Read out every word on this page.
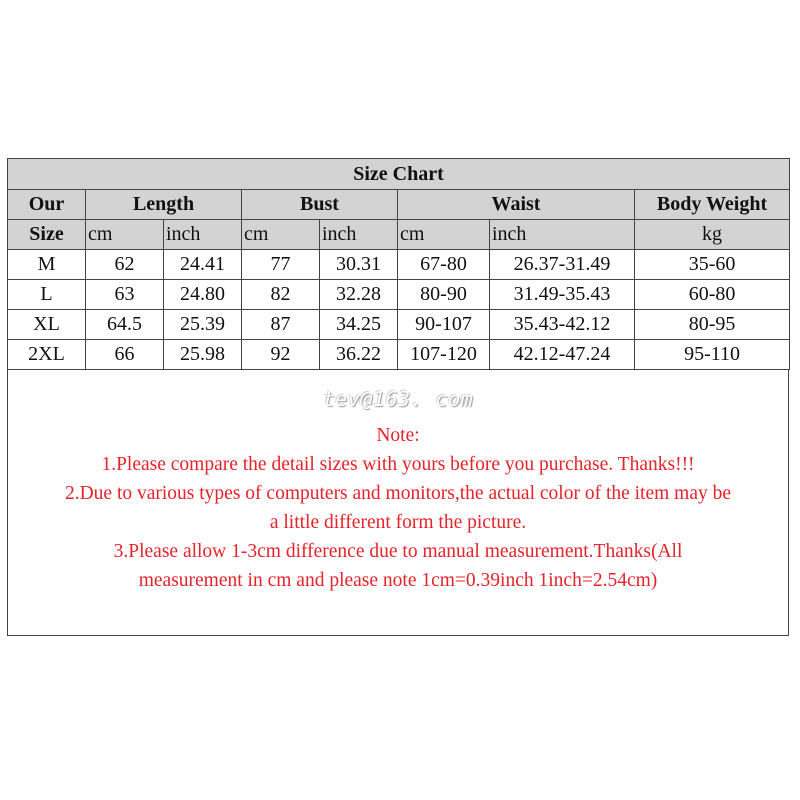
Size Chart							
Our	Length		Bust		Waist		Body Weight
Size	cm	inch	cm	inch	cm	inch	kg
M	62	24.41	77	30.31	67-80	26.37-31.49	35-60
L	63	24.80	82	32.28	80-90	31.49-35.43	60-80
XL	64.5	25.39	87	34.25	90-107	35.43-42.12	80-95
2XL	66	25.98	92	36.22	107-120	42.12-47.24	95-110
tev@163. com
Note:
1.Please compare the detail sizes with yours before you purchase. Thanks!!!
2.Due to various types of computers and monitors,the actual color of the item may be
a little different form the picture.
3.Please allow 1-3cm difference due to manual measurement.Thanks(All
measurement in cm and please note 1cm=0.39inch 1inch=2.54cm)
